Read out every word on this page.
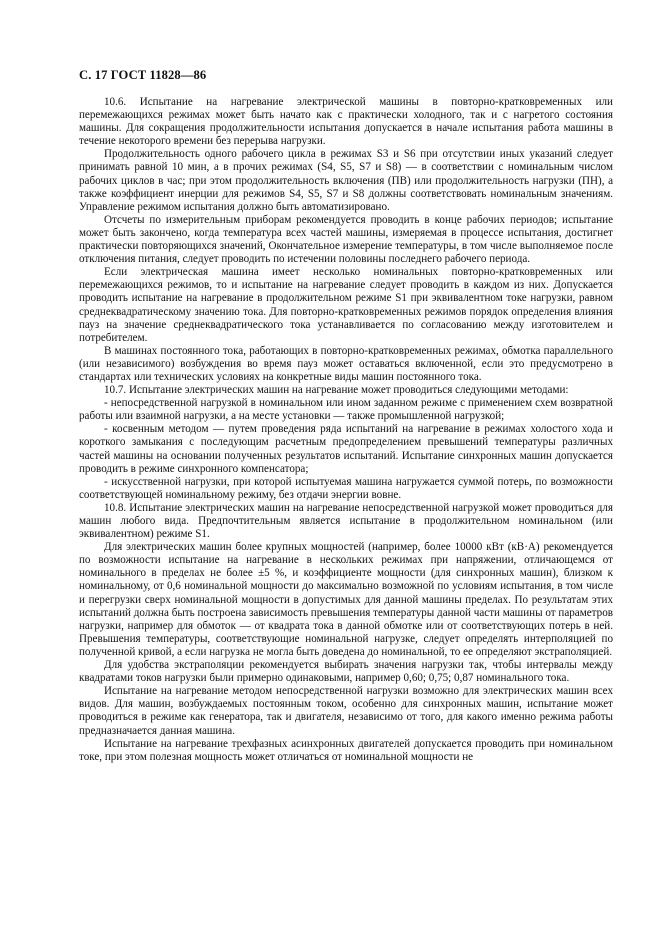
С. 17 ГОСТ 11828—86

10.6. Испытание на нагревание электрической машины в повторно-кратковременных или перемежающихся режимах может быть начато как с практически холодного, так и с нагретого состояния машины. Для сокращения продолжительности испытания допускается в начале испытания работа машины в течение некоторого времени без перерыва нагрузки.

Продолжительность одного рабочего цикла в режимах S3 и S6 при отсутствии иных указаний следует принимать равной 10 мин, а в прочих режимах (S4, S5, S7 и S8) — в соответствии с номинальным числом рабочих циклов в час; при этом продолжительность включения (ПВ) или продолжительность нагрузки (ПН), а также коэффициент инерции для режимов S4, S5, S7 и S8 должны соответствовать номинальным значениям. Управление режимом испытания должно быть автоматизировано.

Отсчеты по измерительным приборам рекомендуется проводить в конце рабочих периодов; испытание может быть закончено, когда температура всех частей машины, измеряемая в процессе испытания, достигнет практически повторяющихся значений, Окончательное измерение температуры, в том числе выполняемое после отключения питания, следует проводить по истечении половины последнего рабочего периода.

Если электрическая машина имеет несколько номинальных повторно-кратковременных или перемежающихся режимов, то и испытание на нагревание следует проводить в каждом из них. Допускается проводить испытание на нагревание в продолжительном режиме S1 при эквивалентном токе нагрузки, равном среднеквадратическому значению тока. Для повторно-кратковременных режимов порядок определения влияния пауз на значение среднеквадратического тока устанавливается по согласованию между изготовителем и потребителем.

В машинах постоянного тока, работающих в повторно-кратковременных режимах, обмотка параллельного (или независимого) возбуждения во время пауз может оставаться включенной, если это предусмотрено в стандартах или технических условиях на конкретные виды машин постоянного тока.

10.7. Испытание электрических машин на нагревание может проводиться следующими методами:

- непосредственной нагрузкой в номинальном или ином заданном режиме с применением схем возвратной работы или взаимной нагрузки, а на месте установки — также промышленной нагрузкой;

- косвенным методом — путем проведения ряда испытаний на нагревание в режимах холостого хода и короткого замыкания с последующим расчетным предопределением превышений температуры различных частей машины на основании полученных результатов испытаний. Испытание синхронных машин допускается проводить в режиме синхронного компенсатора;

- искусственной нагрузки, при которой испытуемая машина нагружается суммой потерь, по возможности соответствующей номинальному режиму, без отдачи энергии вовне.

10.8. Испытание электрических машин на нагревание непосредственной нагрузкой может проводиться для машин любого вида. Предпочтительным является испытание в продолжительном номинальном (или эквивалентном) режиме S1.

Для электрических машин более крупных мощностей (например, более 10000 кВт (кВ·А) рекомендуется по возможности испытание на нагревание в нескольких режимах при напряжении, отличающемся от номинального в пределах не более ±5 %, и коэффициенте мощности (для синхронных машин), близком к номинальному, от 0,6 номинальной мощности до максимально возможной по условиям испытания, в том числе и перегрузки сверх номинальной мощности в допустимых для данной машины пределах. По результатам этих испытаний должна быть построена зависимость превышения температуры данной части машины от параметров нагрузки, например для обмоток — от квадрата тока в данной обмотке или от соответствующих потерь в ней. Превышения температуры, соответствующие номинальной нагрузке, следует определять интерполяцией по полученной кривой, а если нагрузка не могла быть доведена до номинальной, то ее определяют экстраполяцией.

Для удобства экстраполяции рекомендуется выбирать значения нагрузки так, чтобы интервалы между квадратами токов нагрузки были примерно одинаковыми, например 0,60; 0,75; 0,87 номинального тока.

Испытание на нагревание методом непосредственной нагрузки возможно для электрических машин всех видов. Для машин, возбуждаемых постоянным током, особенно для синхронных машин, испытание может проводиться в режиме как генератора, так и двигателя, независимо от того, для какого именно режима работы предназначается данная машина.

Испытание на нагревание трехфазных асинхронных двигателей допускается проводить при номинальном токе, при этом полезная мощность может отличаться от номинальной мощности не
